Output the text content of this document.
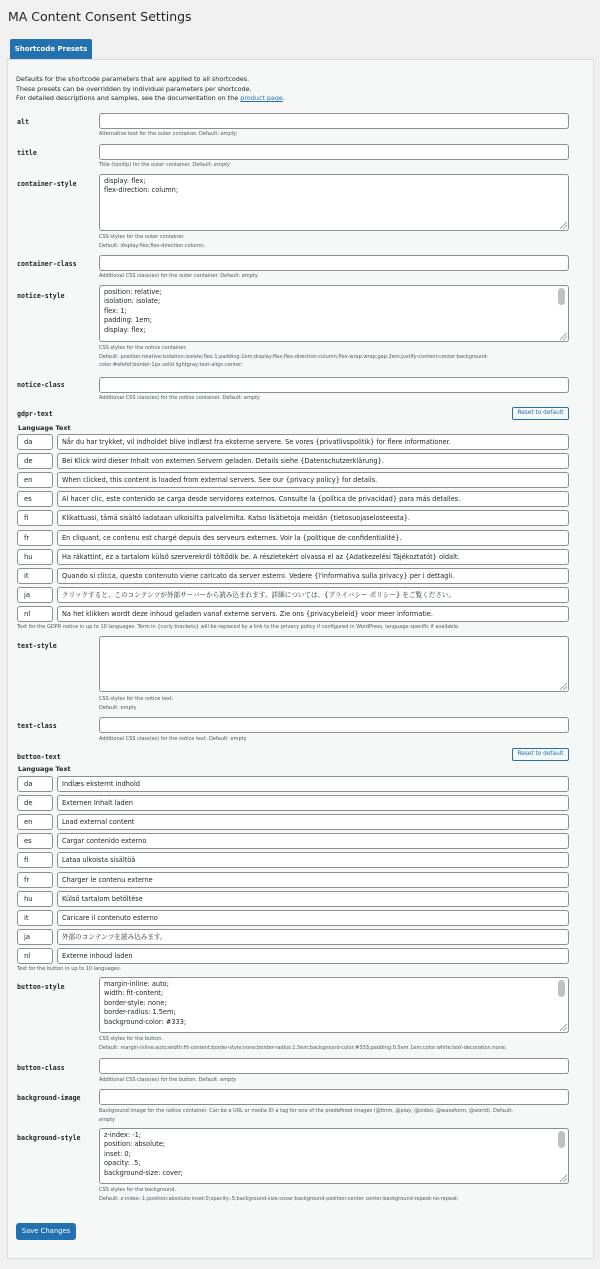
MA Content Consent Settings
Shortcode Presets
Defaults for the shortcode parameters that are applied to all shortcodes.
These presets can be overridden by individual parameters per shortcode.
For detailed descriptions and samples, see the documentation on the product page.
alt
Alternative text for the outer container. Default: empty
title
Title (tooltip) for the outer container. Default: empty
container-style	display: flex;
flex-direction: column;
CSS styles for the outer container.
Default: display:flex;flex-direction:column;
container-class
Additional CSS class(es) for the outer container. Default: empty
notice-style	position: relative;
isolation: isolate;
flex: 1;
padding: 1em;
display: flex;
CSS styles for the notice container.
Default: position:relative;isolation:isolate;flex:1;padding:1em;display:flex;flex-direction:column;flex-wrap:wrap;gap:2em;justify-content:center;background-
color:#efefef;border:1px solid lightgray;text-align:center;
notice-class
Additional CSS class(es) for the notice container. Default: empty
gdpr-text	Reset to default
Language Text
da	Når du har trykket, vil indholdet blive indlæst fra eksterne servere. Se vores {privatlivspolitik} for flere informationer.
de	Bei Klick wird dieser Inhalt von externen Servern geladen. Details siehe {Datenschutzerklärung}.
en	When clicked, this content is loaded from external servers. See our {privacy policy} for details.
es	Al hacer clic, este contenido se carga desde servidores externos. Consulte la {política de privacidad} para más detalles.
fi	Klikattuasi, tämä sisältö ladataan ulkoisilta palvelimilta. Katso lisätietoja meidän {tietosuojaselosteesta}.
fr	En cliquant, ce contenu est chargé depuis des serveurs externes. Voir la {politique de confidentialité}.
hu	Ha rákattint, ez a tartalom külső szerverekről töltődik be. A részletekért olvassa el az {Adatkezelési Tájékoztatót} oldalt.
it	Quando si clicca, questo contenuto viene caricato da server esterni. Vedere {l'informativa sulla privacy} per i dettagli.
ja	クリックすると、このコンテンツが外部サーバーから読み込まれます。詳細については、{プライバシー ポリシー} をご覧ください。
nl	Na het klikken wordt deze inhoud geladen vanaf externe servers. Zie ons {privacybeleid} voor meer informatie.
Text for the GDPR notice in up to 10 languages. Term in {curly brackets} will be replaced by a link to the privacy policy if configured in WordPress, language specific if available.
text-style
CSS styles for the notice text.
Default: empty
text-class
Additional CSS class(es) for the notice text. Default: empty
button-text	Reset to default
Language Text
da	Indlæs eksternt indhold
de	Externen Inhalt laden
en	Load external content
es	Cargar contenido externo
fi	Lataa ulkoista sisältöä
fr	Charger le contenu externe
hu	Külső tartalom betöltése
it	Caricare il contenuto esterno
ja	外部のコンテンツを読み込みます。
nl	Externe inhoud laden
Text for the button in up to 10 languages.
button-style	margin-inline: auto;
width: fit-content;
border-style: none;
border-radius: 1.5em;
background-color: #333;
CSS styles for the button.
Default: margin-inline:auto;width:fit-content;border-style:none;border-radius:1.5em;background-color:#333;padding:0.5em 1em;color:white;text-decoration:none;
button-class
Additional CSS class(es) for the button. Default: empty
background-image
Background image for the notice container. Can be a URL or media ID a tag for one of the predefined images (@form, @play, @video, @waveform, @world). Default:
empty
background-style	z-index: -1;
position: absolute;
inset: 0;
opacity: .5;
background-size: cover;
CSS styles for the background.
Default: z-index:-1;position:absolute;inset:0;opacity:.5;background-size:cover;background-position:center center;background-repeat:no-repeat;
Save Changes
